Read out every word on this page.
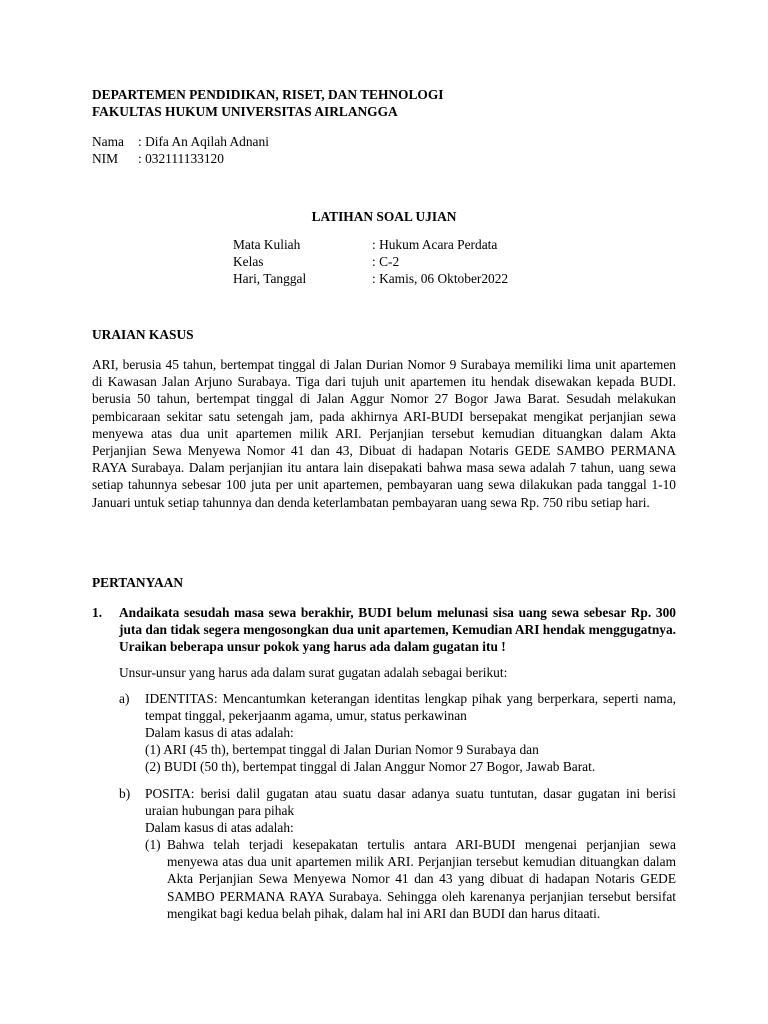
DEPARTEMEN PENDIDIKAN, RISET, DAN TEHNOLOGI
FAKULTAS HUKUM UNIVERSITAS AIRLANGGA
Nama : Difa An Aqilah Adnani
NIM : 032111133120
LATIHAN SOAL UJIAN
Mata Kuliah	: Hukum Acara Perdata
Kelas	: C-2
Hari, Tanggal	: Kamis, 06 Oktober2022
URAIAN KASUS
ARI, berusia 45 tahun, bertempat tinggal di Jalan Durian Nomor 9 Surabaya memiliki lima unit apartemen di Kawasan Jalan Arjuno Surabaya. Tiga dari tujuh unit apartemen itu hendak disewakan kepada BUDI. berusia 50 tahun, bertempat tinggal di Jalan Aggur Nomor 27 Bogor Jawa Barat. Sesudah melakukan pembicaraan sekitar satu setengah jam, pada akhirnya ARI-BUDI bersepakat mengikat perjanjian sewa menyewa atas dua unit apartemen milik ARI. Perjanjian tersebut kemudian dituangkan dalam Akta Perjanjian Sewa Menyewa Nomor 41 dan 43, Dibuat di hadapan Notaris GEDE SAMBO PERMANA RAYA Surabaya. Dalam perjanjian itu antara lain disepakati bahwa masa sewa adalah 7 tahun, uang sewa setiap tahunnya sebesar 100 juta per unit apartemen, pembayaran uang sewa dilakukan pada tanggal 1-10 Januari untuk setiap tahunnya dan denda keterlambatan pembayaran uang sewa Rp. 750 ribu setiap hari.
PERTANYAAN
1. Andaikata sesudah masa sewa berakhir, BUDI belum melunasi sisa uang sewa sebesar Rp. 300 juta dan tidak segera mengosongkan dua unit apartemen, Kemudian ARI hendak menggugatnya. Uraikan beberapa unsur pokok yang harus ada dalam gugatan itu !
Unsur-unsur yang harus ada dalam surat gugatan adalah sebagai berikut:
a) IDENTITAS: Mencantumkan keterangan identitas lengkap pihak yang berperkara, seperti nama, tempat tinggal, pekerjaanm agama, umur, status perkawinan
Dalam kasus di atas adalah:
(1) ARI (45 th), bertempat tinggal di Jalan Durian Nomor 9 Surabaya dan
(2) BUDI (50 th), bertempat tinggal di Jalan Anggur Nomor 27 Bogor, Jawab Barat.
b) POSITA: berisi dalil gugatan atau suatu dasar adanya suatu tuntutan, dasar gugatan ini berisi uraian hubungan para pihak
Dalam kasus di atas adalah:
(1) Bahwa telah terjadi kesepakatan tertulis antara ARI-BUDI mengenai perjanjian sewa menyewa atas dua unit apartemen milik ARI. Perjanjian tersebut kemudian dituangkan dalam Akta Perjanjian Sewa Menyewa Nomor 41 dan 43 yang dibuat di hadapan Notaris GEDE SAMBO PERMANA RAYA Surabaya. Sehingga oleh karenanya perjanjian tersebut bersifat mengikat bagi kedua belah pihak, dalam hal ini ARI dan BUDI dan harus ditaati.
